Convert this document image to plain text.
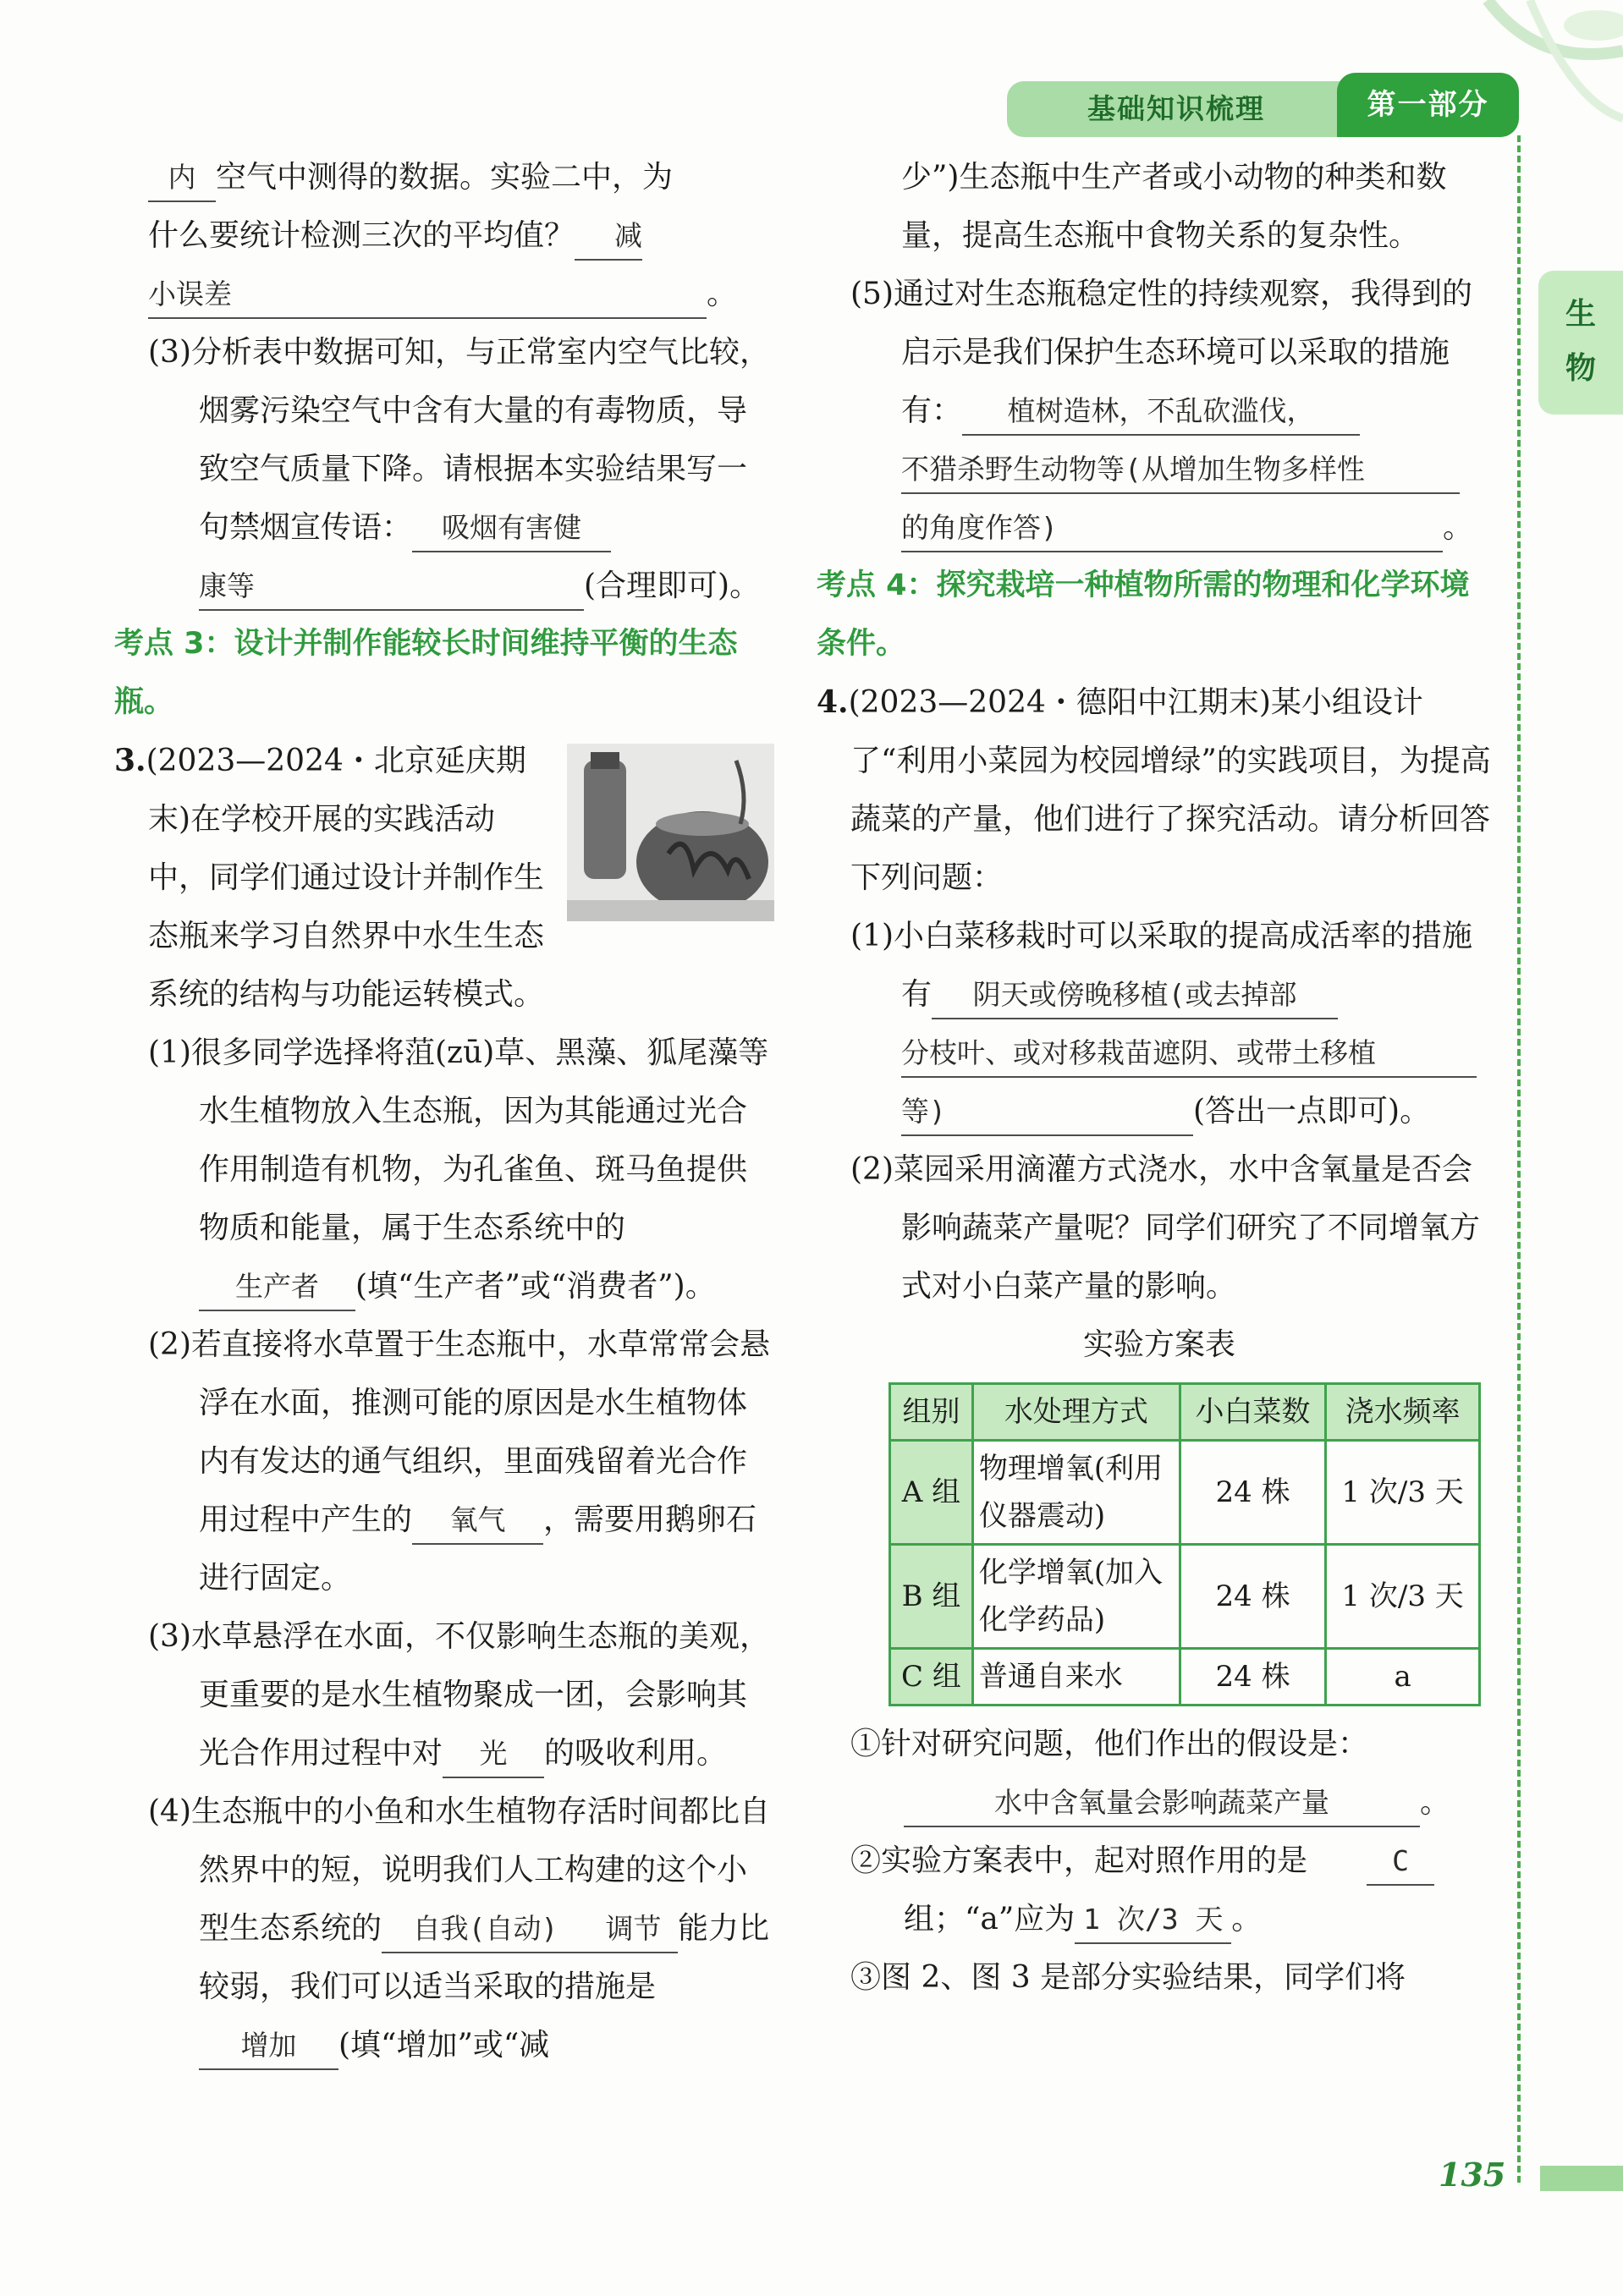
基础知识梳理	第一部分
生
物
135

内 空气中测得的数据。实验二中，为

什么要统计检测三次的平均值？ 减

小误差	。

(3)分析表中数据可知，与正常室内空气比较，烟雾污染空气中含有大量的有毒物质，导致空气质量下降。请根据本实验结果写一句禁烟宣传语： 吸烟有害健康等	(合理即可)。

考点 3：设计并制作能较长时间维持平衡的生态瓶。

3.(2023—2024・北京延庆期末)在学校开展的实践活动中，同学们通过设计并制作生态瓶来学习自然界中水生生态系统的结构与功能运转模式。

(1)很多同学选择将菹(zū)草、黑藻、狐尾藻等水生植物放入生态瓶，因为其能通过光合作用制造有机物，为孔雀鱼、斑马鱼提供物质和能量，属于生态系统中的生产者 (填“生产者”或“消费者”)。

(2)若直接将水草置于生态瓶中，水草常常会悬浮在水面，推测可能的原因是水生植物体内有发达的通气组织，里面残留着光合作用过程中产生的 氧气 ，需要用鹅卵石进行固定。

(3)水草悬浮在水面，不仅影响生态瓶的美观，更重要的是水生植物聚成一团，会影响其光合作用过程中对 光 的吸收利用。

(4)生态瓶中的小鱼和水生植物存活时间都比自然界中的短，说明我们人工构建的这个小型生态系统的 自我(自动) 调节 能力比较弱，我们可以适当采取的措施是增加 (填“增加”或“减

少”)生态瓶中生产者或小动物的种类和数量，提高生态瓶中食物关系的复杂性。

(5)通过对生态瓶稳定性的持续观察，我得到的启示是我们保护生态环境可以采取的措施有： 植树造林，不乱砍滥伐，不猎杀野生动物等(从增加生物多样性的角度作答)	。

考点 4：探究栽培一种植物所需的物理和化学环境条件。

4.(2023—2024・德阳中江期末)某小组设计了“利用小菜园为校园增绿”的实践项目，为提高蔬菜的产量，他们进行了探究活动。请分析回答下列问题：

(1)小白菜移栽时可以采取的提高成活率的措施有 阴天或傍晚移植(或去掉部分枝叶、或对移栽苗遮阴、或带土移植等)	(答出一点即可)。

(2)菜园采用滴灌方式浇水，水中含氧量是否会影响蔬菜产量呢？同学们研究了不同增氧方式对小白菜产量的影响。

实验方案表

组别	水处理方式	小白菜数	浇水频率
A 组	物理增氧(利用仪器震动)	24 株	1 次/3 天
B 组	化学增氧(加入化学药品)	24 株	1 次/3 天
C 组	普通自来水	24 株	a

①针对研究问题，他们作出的假设是：水中含氧量会影响蔬菜产量	。

②实验方案表中，起对照作用的是	C组；“a”应为 1 次/3 天 。

③图 2、图 3 是部分实验结果，同学们将
